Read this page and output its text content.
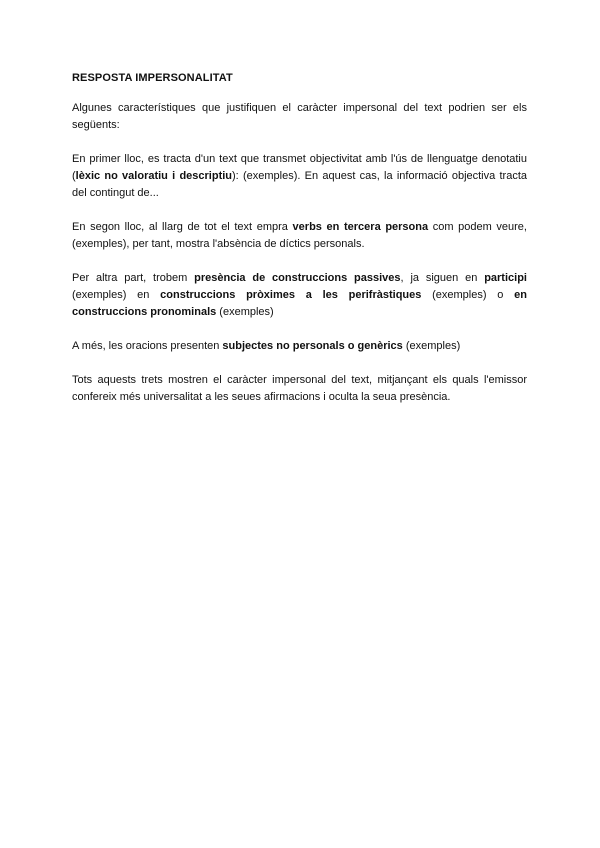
RESPOSTA IMPERSONALITAT

Algunes característiques que justifiquen el caràcter impersonal del text podrien ser els següents:

En primer lloc, es tracta d'un text que transmet objectivitat amb l'ús de llenguatge denotatiu (lèxic no valoratiu i descriptiu): (exemples). En aquest cas, la informació objectiva tracta del contingut de...

En segon lloc, al llarg de tot el text empra verbs en tercera persona com podem veure, (exemples), per tant, mostra l'absència de díctics personals.

Per altra part, trobem presència de construccions passives, ja siguen en participi (exemples) en construccions pròximes a les perifràstiques (exemples) o en construccions pronominals (exemples)

A més, les oracions presenten subjectes no personals o genèrics (exemples)

Tots aquests trets mostren el caràcter impersonal del text, mitjançant els quals l'emissor confereix més universalitat a les seues afirmacions i oculta la seua presència.
